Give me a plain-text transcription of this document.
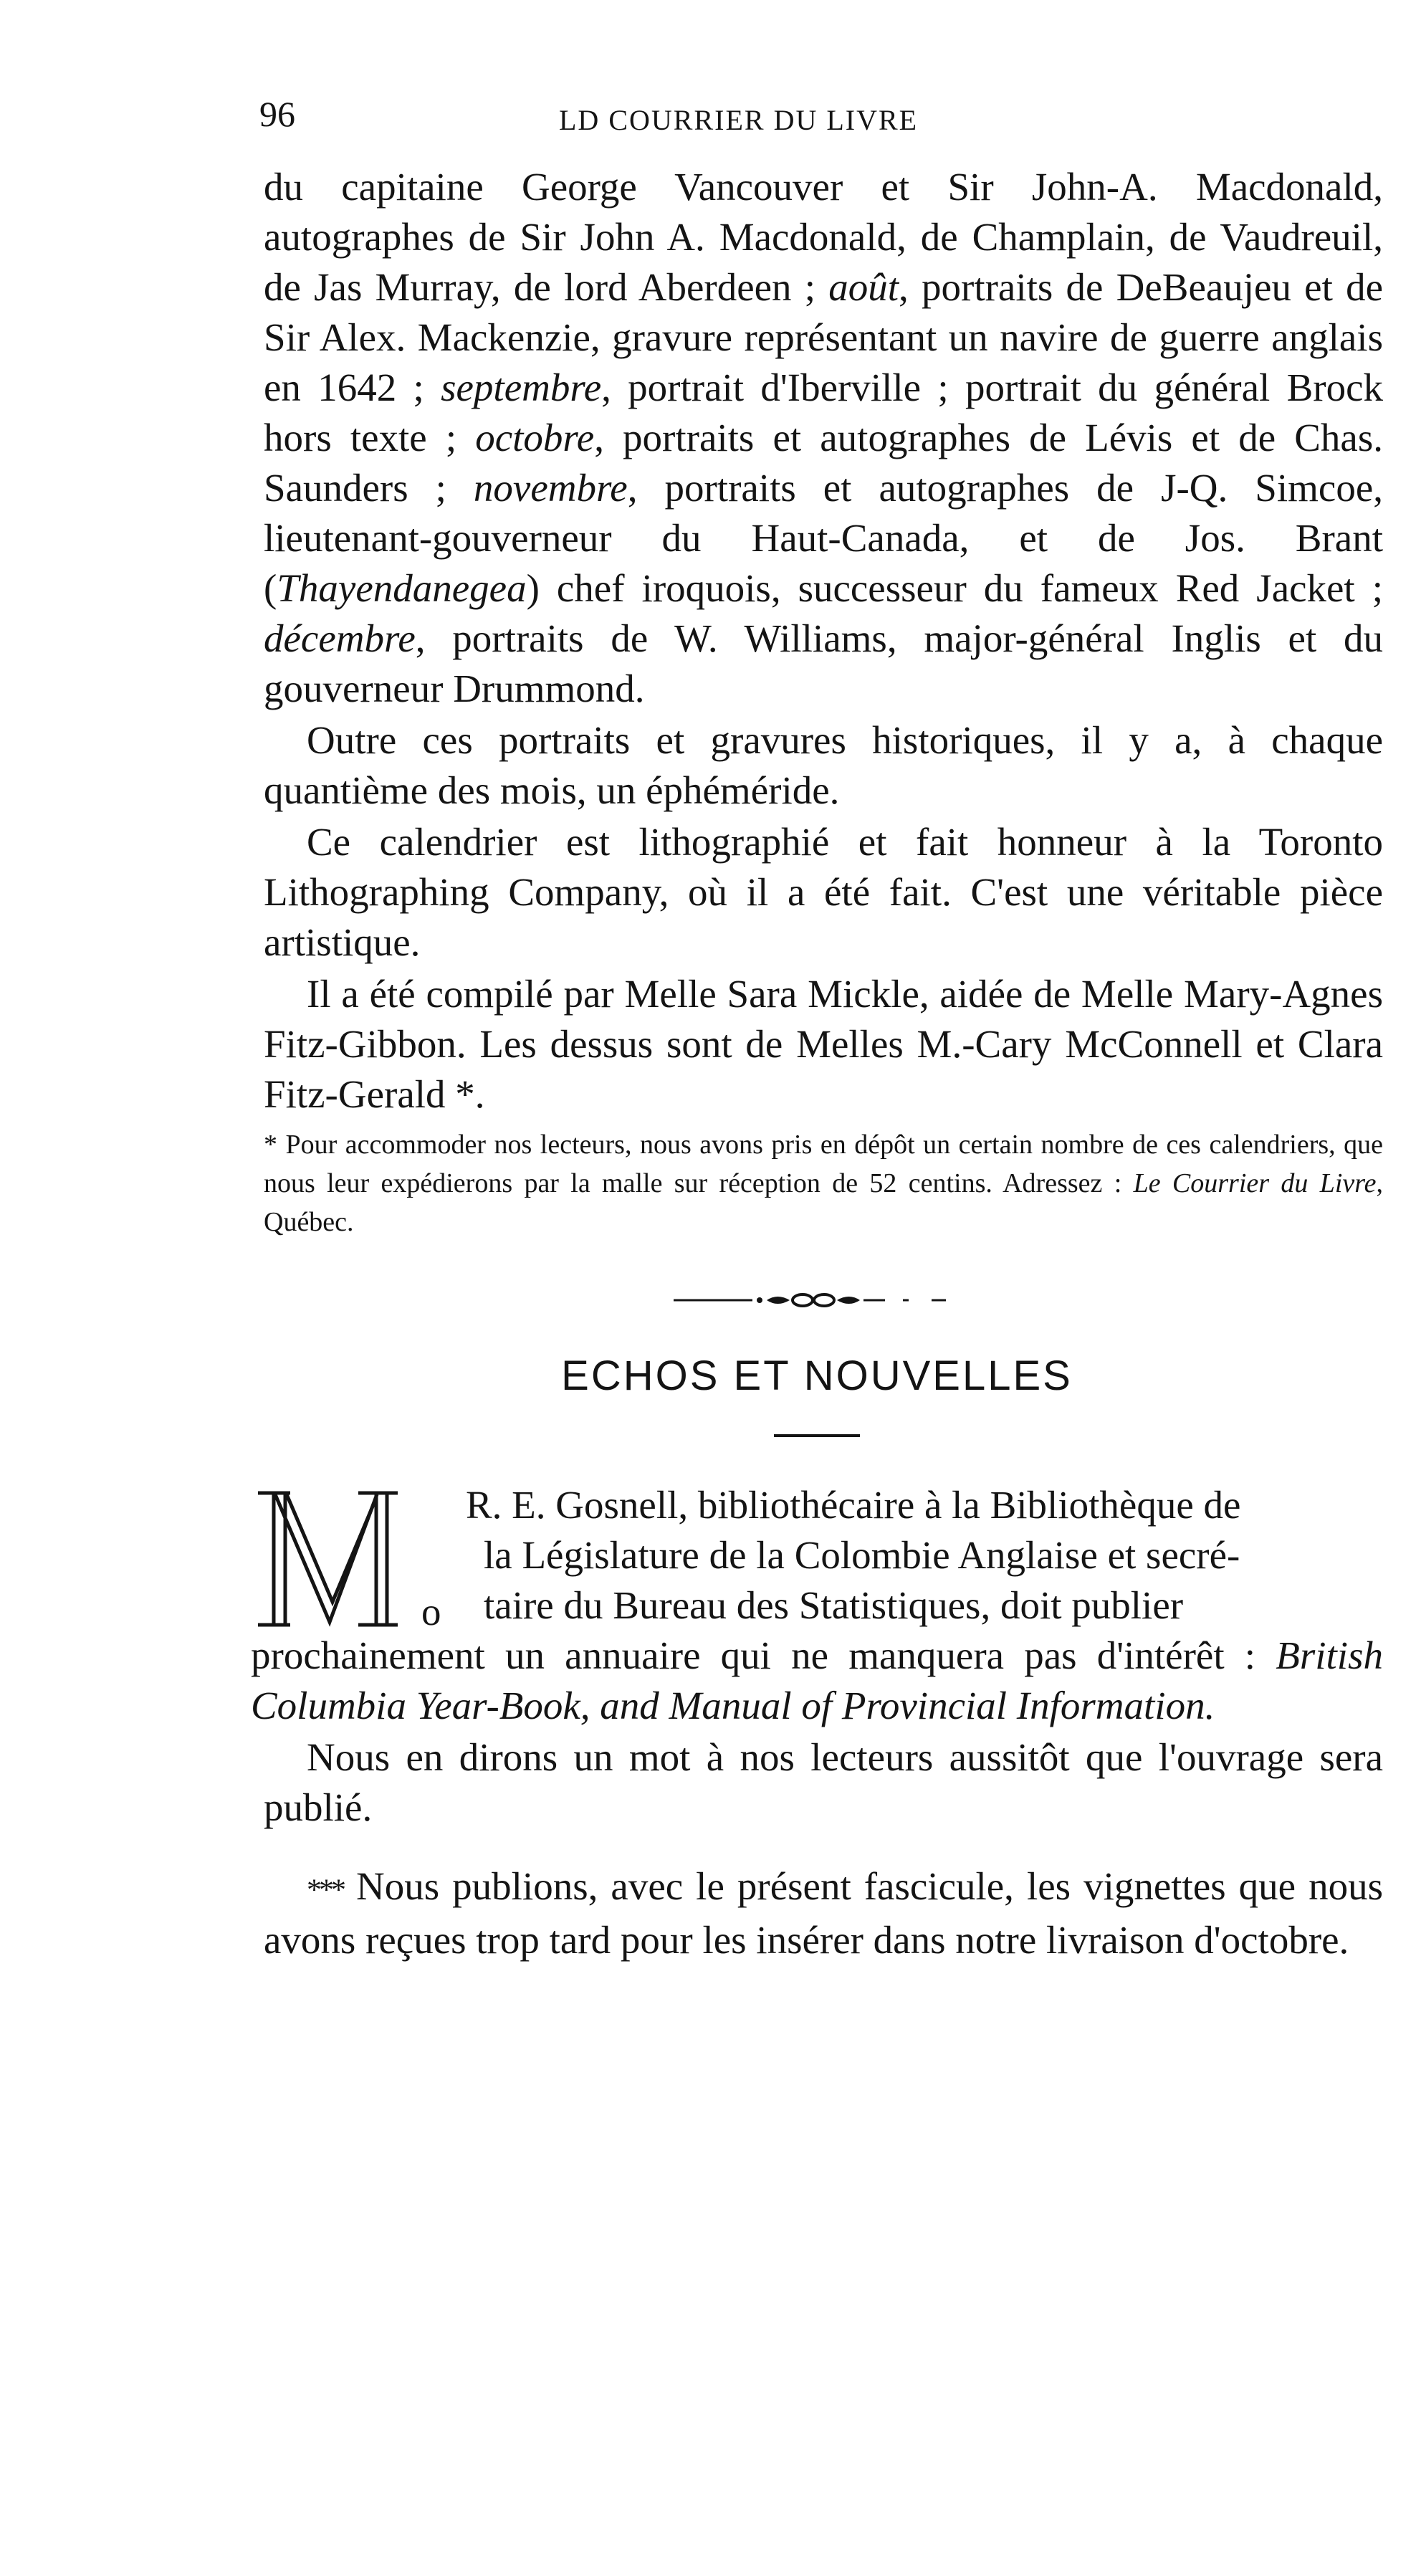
96	LD COURRIER DU LIVRE

du capitaine George Vancouver et Sir John-A. Macdonald, autographes de Sir John A. Macdonald, de Champlain, de Vaudreuil, de Jas Murray, de lord Aberdeen ; août, portraits de DeBeaujeu et de Sir Alex. Mackenzie, gravure représentant un navire de guerre anglais en 1642 ; septembre, portrait d'Iberville ; portrait du général Brock hors texte ; octobre, portraits et autographes de Lévis et de Chas. Saunders ; novembre, portraits et autographes de J-Q. Simcoe, lieutenant-gouverneur du Haut-Canada, et de Jos. Brant (Thayendanegea) chef iroquois, successeur du fameux Red Jacket ; décembre, portraits de W. Williams, major-général Inglis et du gouverneur Drummond.

Outre ces portraits et gravures historiques, il y a, à chaque quantième des mois, un éphéméride.

Ce calendrier est lithographié et fait honneur à la Toronto Lithographing Company, où il a été fait. C'est une véritable pièce artistique.

Il a été compilé par Melle Sara Mickle, aidée de Melle Mary-Agnes Fitz-Gibbon. Les dessus sont de Melles M.-Cary McConnell et Clara Fitz-Gerald *.

* Pour accommoder nos lecteurs, nous avons pris en dépôt un certain nombre de ces calendriers, que nous leur expédierons par la malle sur réception de 52 centins. Adressez : Le Courrier du Livre, Québec.

ECHOS ET NOUVELLES

R. E. Gosnell, bibliothécaire à la Bibliothèque de

la Législature de la Colombie Anglaise et secré-

o	taire du Bureau des Statistiques, doit publier

prochainement un annuaire qui ne manquera pas d'intérêt : British Columbia Year-Book, and Manual of Provincial Information.

Nous en dirons un mot à nos lecteurs aussitôt que l'ouvrage sera publié.

*** Nous publions, avec le présent fascicule, les vignettes que nous avons reçues trop tard pour les insérer dans notre livraison d'octobre.
